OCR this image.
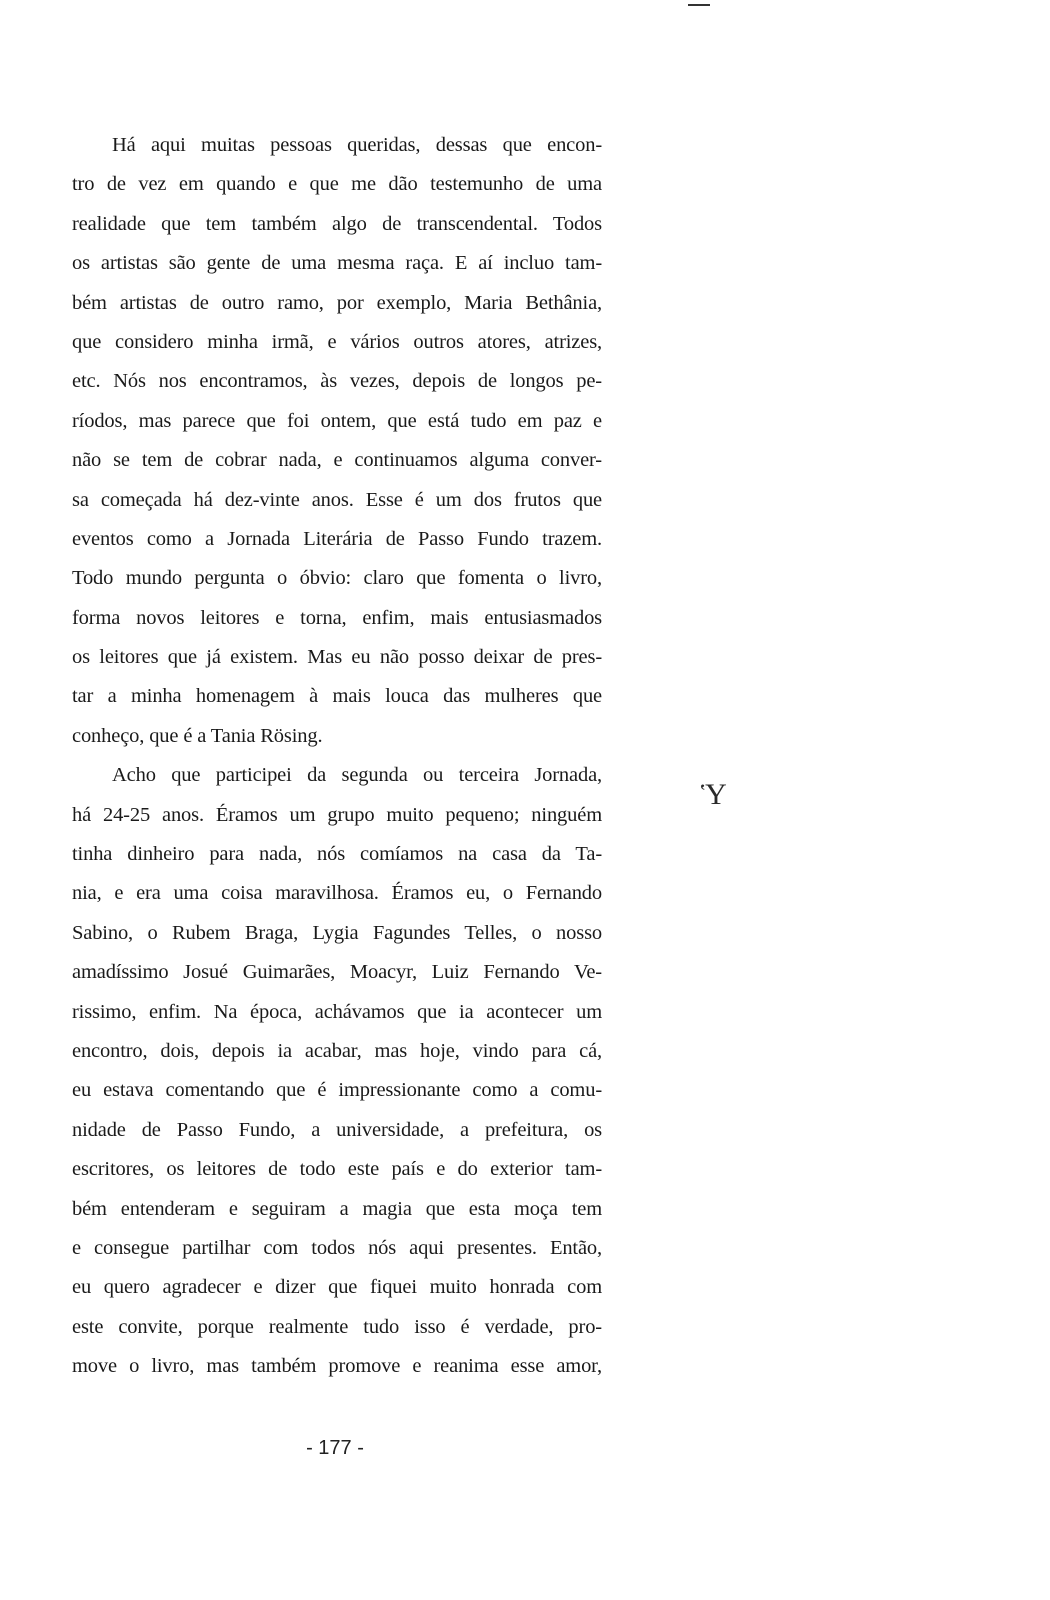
Ὑ
Há aqui muitas pessoas queridas, dessas que encon-
tro de vez em quando e que me dão testemunho de uma
realidade que tem também algo de transcendental. Todos
os artistas são gente de uma mesma raça. E aí incluo tam-
bém artistas de outro ramo, por exemplo, Maria Bethânia,
que considero minha irmã, e vários outros atores, atrizes,
etc. Nós nos encontramos, às vezes, depois de longos pe-
ríodos, mas parece que foi ontem, que está tudo em paz e
não se tem de cobrar nada, e continuamos alguma conver-
sa começada há dez-vinte anos. Esse é um dos frutos que
eventos como a Jornada Literária de Passo Fundo trazem.
Todo mundo pergunta o óbvio: claro que fomenta o livro,
forma novos leitores e torna, enfim, mais entusiasmados
os leitores que já existem. Mas eu não posso deixar de pres-
tar a minha homenagem à mais louca das mulheres que
conheço, que é a Tania Rösing.
Acho que participei da segunda ou terceira Jornada,
há 24-25 anos. Éramos um grupo muito pequeno; ninguém
tinha dinheiro para nada, nós comíamos na casa da Ta-
nia, e era uma coisa maravilhosa. Éramos eu, o Fernando
Sabino, o Rubem Braga, Lygia Fagundes Telles, o nosso
amadíssimo Josué Guimarães, Moacyr, Luiz Fernando Ve-
rissimo, enfim. Na época, achávamos que ia acontecer um
encontro, dois, depois ia acabar, mas hoje, vindo para cá,
eu estava comentando que é impressionante como a comu-
nidade de Passo Fundo, a universidade, a prefeitura, os
escritores, os leitores de todo este país e do exterior tam-
bém entenderam e seguiram a magia que esta moça tem
e consegue partilhar com todos nós aqui presentes. Então,
eu quero agradecer e dizer que fiquei muito honrada com
este convite, porque realmente tudo isso é verdade, pro-
move o livro, mas também promove e reanima esse amor,
- 177 -
